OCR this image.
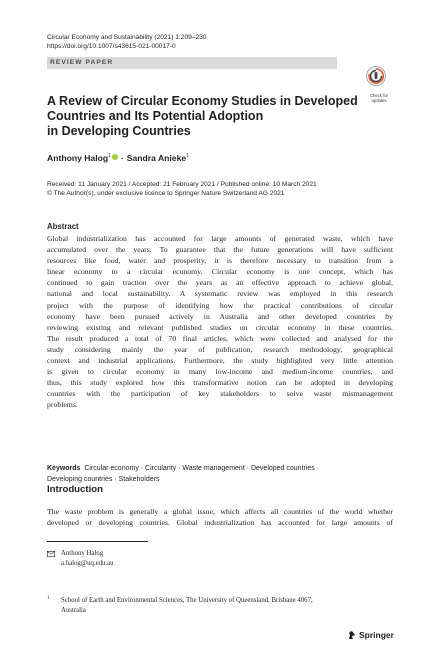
Circular Economy and Sustainability (2021) 1:209–230
https://doi.org/10.1007/s43615-021-00017-0
REVIEW PAPER
Check for
updates
A Review of Circular Economy Studies in Developed
Countries and Its Potential Adoption
in Developing Countries
Anthony Halog$^1$ · Sandra Anieke$^1$
Received: 11 January 2021 / Accepted: 21 February 2021 / Published online: 10 March 2021
© The Author(s), under exclusive licence to Springer Nature Switzerland AG 2021
Abstract
Global industrialization has accounted for large amounts of generated waste, which have
accumulated over the years. To guarantee that the future generations will have sufficient
resources like food, water and prosperity, it is therefore necessary to transition from a
linear economy to a circular economy. Circular economy is one concept, which has
continued to gain traction over the years as an effective approach to achieve global,
national and local sustainability. A systematic review was employed in this research
project with the purpose of identifying how the practical contributions of circular
economy have been pursued actively in Australia and other developed countries by
reviewing existing and relevant published studies on circular economy in these countries.
The result produced a total of 70 final articles, which were collected and analysed for the
study considering mainly the year of publication, research methodology, geographical
context and industrial applications. Furthermore, the study highlighted very little attention
is given to circular economy in many low-income and medium-income countries, and
thus, this study explored how this transformative notion can be adopted in developing
countries with the participation of key stakeholders to solve waste mismanagement
problems.
Keywords Circular economy · Circularity · Waste management · Developed countries ·
Developing countries · Stakeholders
Introduction
The waste problem is generally a global issue, which affects all countries of the world whether
developed or developing countries. Global industrialization has accounted for large amounts of
Anthony Halog
a.halog@uq.edu.au
1 School of Earth and Environmental Sciences, The University of Queensland, Brisbane 4067,
Australia
Springer
